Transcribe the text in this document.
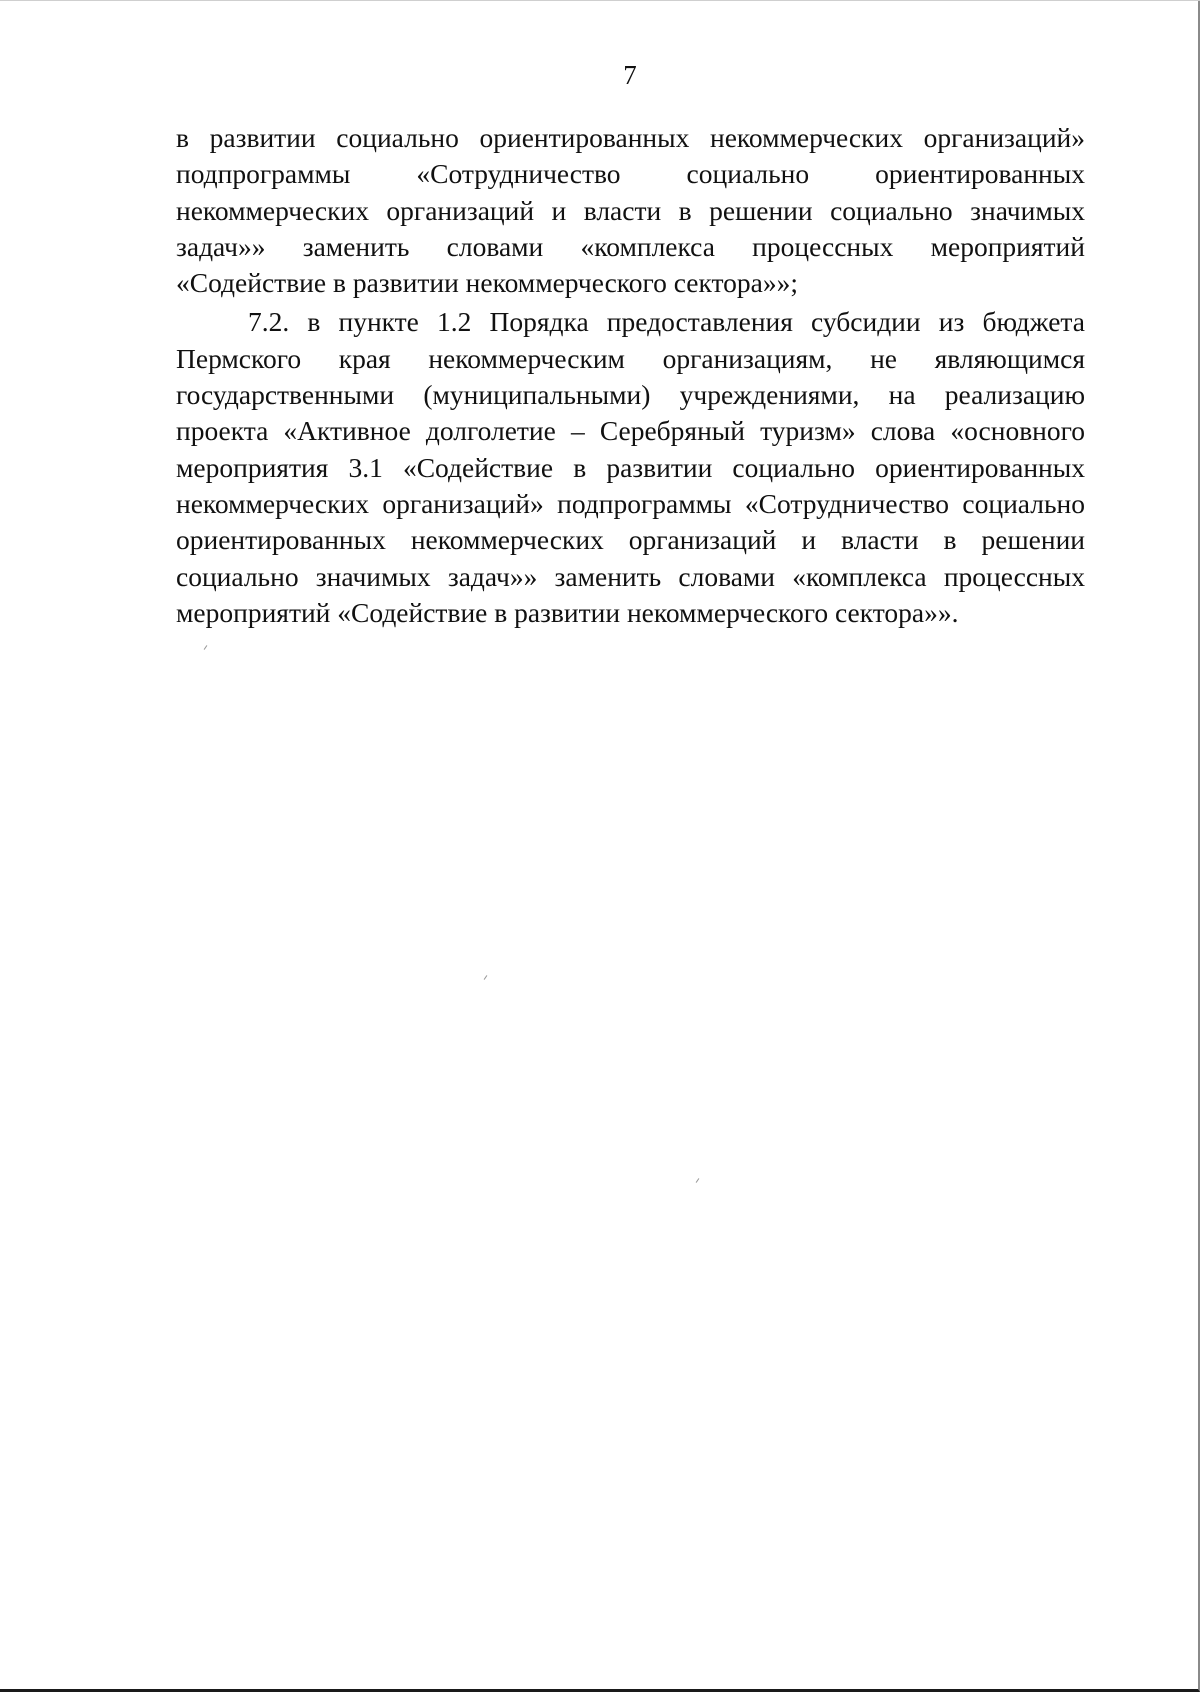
7

в развитии социально ориентированных некоммерческих организаций» подпрограммы «Сотрудничество социально ориентированных некоммерческих организаций и власти в решении социально значимых задач»» заменить словами «комплекса процессных мероприятий «Содействие в развитии некоммерческого сектора»»;

7.2. в пункте 1.2 Порядка предоставления субсидии из бюджета Пермского края некоммерческим организациям, не являющимся государственными (муниципальными) учреждениями, на реализацию проекта «Активное долголетие – Серебряный туризм» слова «основного мероприятия 3.1 «Содействие в развитии социально ориентированных некоммерческих организаций» подпрограммы «Сотрудничество социально ориентированных некоммерческих организаций и власти в решении социально значимых задач»» заменить словами «комплекса процессных мероприятий «Содействие в развитии некоммерческого сектора»».
